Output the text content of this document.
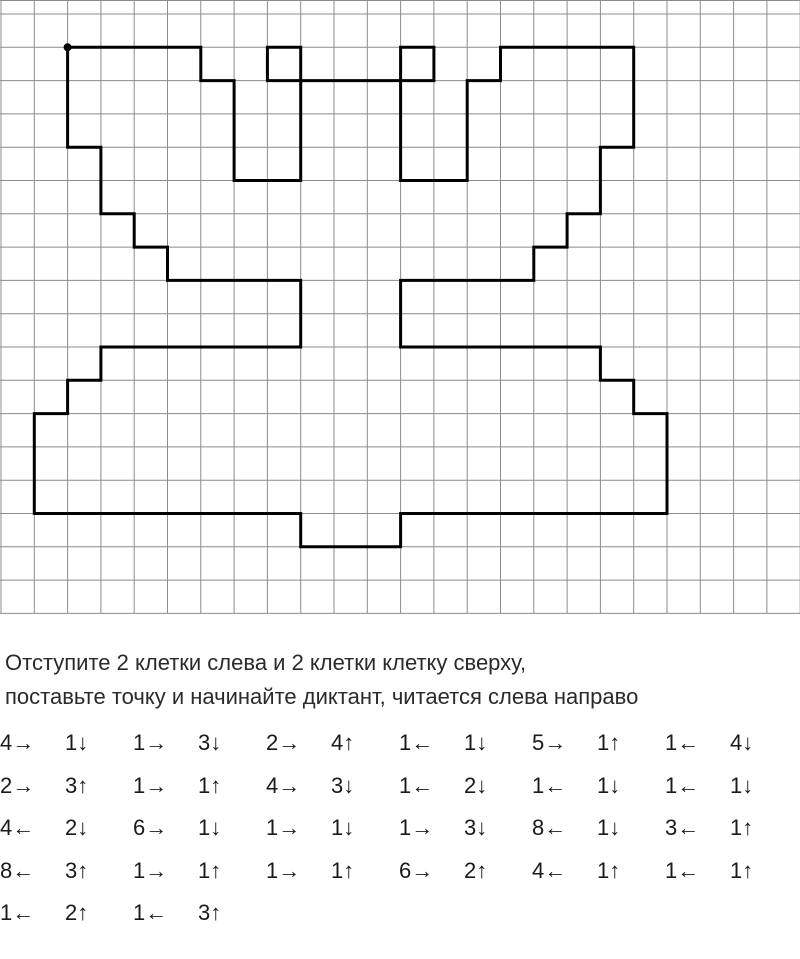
Отступите 2 клетки слева и 2 клетки клетку сверху,
поставьте точку и начинайте диктант, читается слева направо
4→ 1↓ 1→ 3↓ 2→ 4↑ 1← 1↓ 5→ 1↑ 1← 4↓
2→ 3↑ 1→ 1↑ 4→ 3↓ 1← 2↓ 1← 1↓ 1← 1↓
4← 2↓ 6→ 1↓ 1→ 1↓ 1→ 3↓ 8← 1↓ 3← 1↑
8← 3↑ 1→ 1↑ 1→ 1↑ 6→ 2↑ 4← 1↑ 1← 1↑
1← 2↑ 1← 3↑
